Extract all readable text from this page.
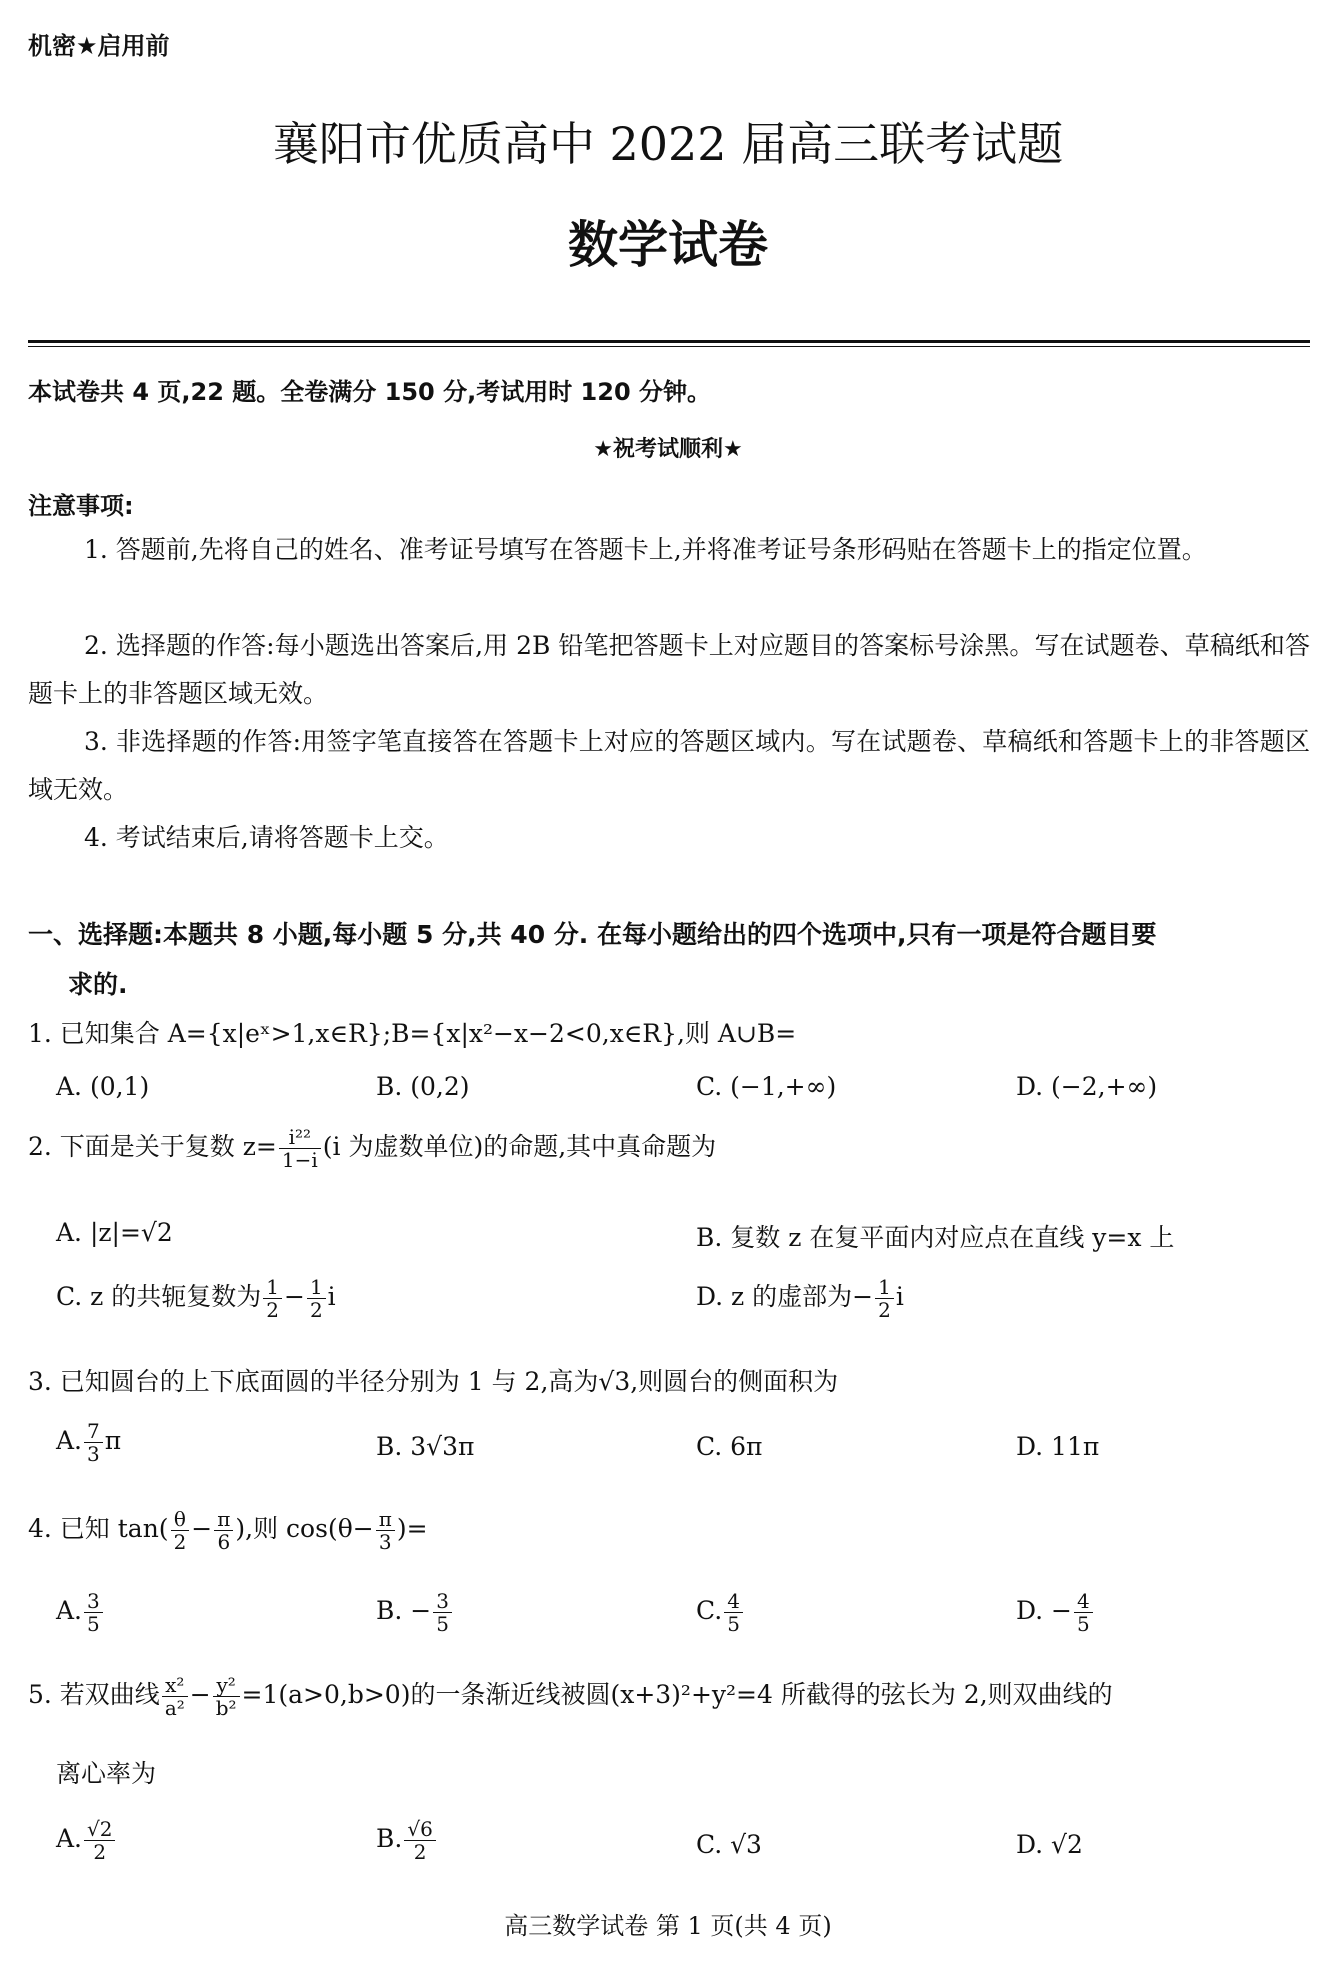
机密★启用前
襄阳市优质高中 2022 届高三联考试题
数学试卷
本试卷共 4 页,22 题。全卷满分 150 分,考试用时 120 分钟。
★祝考试顺利★
注意事项:
1. 答题前,先将自己的姓名、准考证号填写在答题卡上,并将准考证号条形码贴在答题卡上的指定位置。
2. 选择题的作答:每小题选出答案后,用 2B 铅笔把答题卡上对应题目的答案标号涂黑。写在试题卷、草稿纸和答题卡上的非答题区域无效。
3. 非选择题的作答:用签字笔直接答在答题卡上对应的答题区域内。写在试题卷、草稿纸和答题卡上的非答题区域无效。
4. 考试结束后,请将答题卡上交。
一、选择题:本题共 8 小题,每小题 5 分,共 40 分. 在每小题给出的四个选项中,只有一项是符合题目要
求的.
1. 已知集合 A={x|eˣ>1,x∈R};B={x|x²−x−2<0,x∈R},则 A∪B=
A. (0,1)	B. (0,2)	C. (−1,+∞)	D. (−2,+∞)
2. 下面是关于复数 $z= \frac{\text{i²²}}{1-i} (i$ 为虚数单位)的命题,其中真命题为
A. |z|=√2	B. 复数 z 在复平面内对应点在直线 y=x 上
C. z 的共轭复数为 $\frac{1}{2} - \frac{1}{2}$ i	D. z 的虚部为− $\frac{1}{2}$ i
3. 已知圆台的上下底面圆的半径分别为 1 与 2,高为√3,则圆台的侧面积为
A. $\frac{7}{3}$ π	B. 3√3π	C. 6π	D. 11π
4. 已知 $\tan( \frac{\theta}{2} - \frac{\pi}{6}$ ),则 $\cos(\theta- \frac{\pi}{3}$ )=
A. $\frac{3}{5}$	B. − $\frac{3}{5}$	C. $\frac{4}{5}$	D. − $\frac{4}{5}$
5. 若双曲线 $\frac{\text{x²}}{\text{a²}} - \frac{\text{y²}}{\text{b²}} =1(a>0,b>0)$的一条渐近线被圆(x+3)²+y²=4 所截得的弦长为 2,则双曲线的
离心率为
A. $\frac{√2}{2}$	B. $\frac{√6}{2}$	C. √3	D. √2
高三数学试卷 第 1 页(共 4 页)
